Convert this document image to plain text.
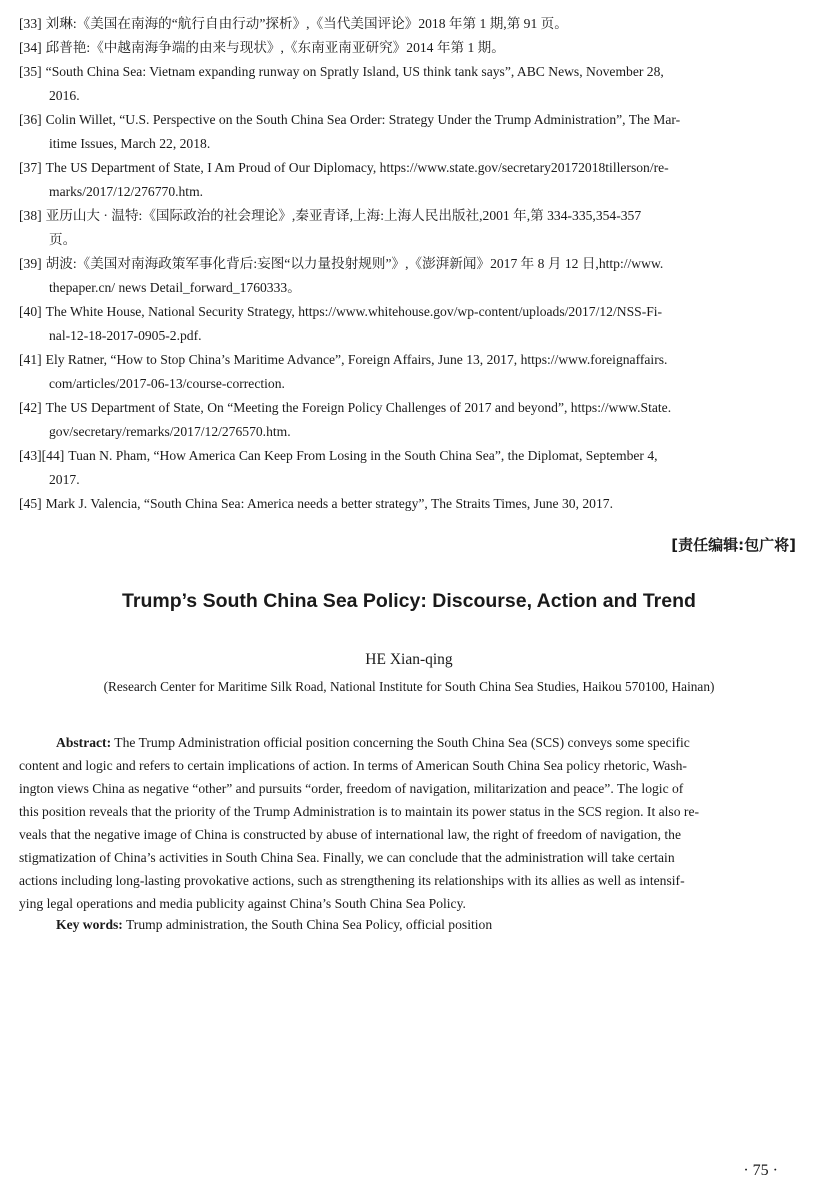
[33] 刘琳:《美国在南海的“航行自由行动”探析》,《当代美国评论》2018 年第 1 期,第 91 页。
[34] 邱普艳:《中越南海争端的由来与现状》,《东南亚南亚研究》2014 年第 1 期。
[35] “South China Sea: Vietnam expanding runway on Spratly Island, US think tank says”, ABC News, November 28,
2016.
[36] Colin Willet, “U.S. Perspective on the South China Sea Order: Strategy Under the Trump Administration”, The Mar-
itime Issues, March 22, 2018.
[37] The US Department of State, I Am Proud of Our Diplomacy, https://www.state.gov/secretary20172018tillerson/re-
marks/2017/12/276770.htm.
[38] 亚历山大 · 温特:《国际政治的社会理论》,秦亚青译,上海:上海人民出版社,2001 年,第 334-335,354-357
页。
[39] 胡波:《美国对南海政策军事化背后:妄图“以力量投射规则”》,《澎湃新闻》2017 年 8 月 12 日,http://www.
thepaper.cn/ news Detail_forward_1760333。
[40] The White House, National Security Strategy, https://www.whitehouse.gov/wp-content/uploads/2017/12/NSS-Fi-
nal-12-18-2017-0905-2.pdf.
[41] Ely Ratner, “How to Stop China’s Maritime Advance”, Foreign Affairs, June 13, 2017, https://www.foreignaffairs.
com/articles/2017-06-13/course-correction.
[42] The US Department of State, On “Meeting the Foreign Policy Challenges of 2017 and beyond”, https://www.State.
gov/secretary/remarks/2017/12/276570.htm.
[43][44] Tuan N. Pham, “How America Can Keep From Losing in the South China Sea”, the Diplomat, September 4,
2017.
[45] Mark J. Valencia, “South China Sea: America needs a better strategy”, The Straits Times, June 30, 2017.
[责任编辑:包广将]
Trump’s South China Sea Policy: Discourse, Action and Trend
HE Xian-qing
(Research Center for Maritime Silk Road, National Institute for South China Sea Studies, Haikou 570100, Hainan)
Abstract: The Trump Administration official position concerning the South China Sea (SCS) conveys some specific
content and logic and refers to certain implications of action. In terms of American South China Sea policy rhetoric, Wash-
ington views China as negative “other” and pursuits “order, freedom of navigation, militarization and peace”. The logic of
this position reveals that the priority of the Trump Administration is to maintain its power status in the SCS region. It also re-
veals that the negative image of China is constructed by abuse of international law, the right of freedom of navigation, the
stigmatization of China’s activities in South China Sea. Finally, we can conclude that the administration will take certain
actions including long-lasting provokative actions, such as strengthening its relationships with its allies as well as intensif-
ying legal operations and media publicity against China’s South China Sea Policy.
Key words: Trump administration, the South China Sea Policy, official position
· 75 ·
